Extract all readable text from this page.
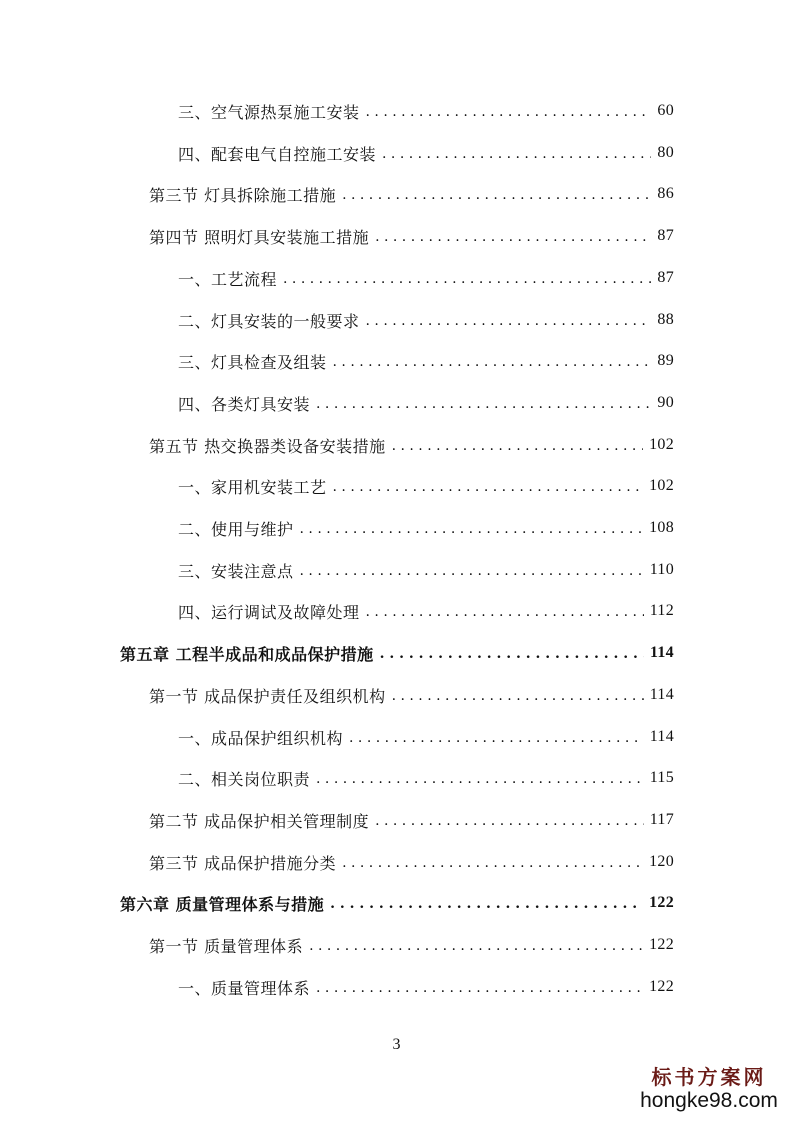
三、空气源热泵施工安装 . . .	60
四、配套电气自控施工安装 . . .	80
第三节 灯具拆除施工措施 . . .	86
第四节 照明灯具安装施工措施 . . .	87
一、工艺流程 . . .	87
二、灯具安装的一般要求 . . .	88
三、灯具检查及组装 . . .	89
四、各类灯具安装 . . .	90
第五节 热交换器类设备安装措施 . . .	102
一、家用机安装工艺 . . .	102
二、使用与维护 . . .	108
三、安装注意点 . . .	110
四、运行调试及故障处理 . . .	112
第五章 工程半成品和成品保护措施 . . .	114
第一节 成品保护责任及组织机构 . . .	114
一、成品保护组织机构 . . .	114
二、相关岗位职责 . . .	115
第二节 成品保护相关管理制度 . . .	117
第三节 成品保护措施分类 . . .	120
第六章 质量管理体系与措施 . . .	122
第一节 质量管理体系 . . .	122
一、质量管理体系 . . .	122
3
标书方案网
hongke98.com
